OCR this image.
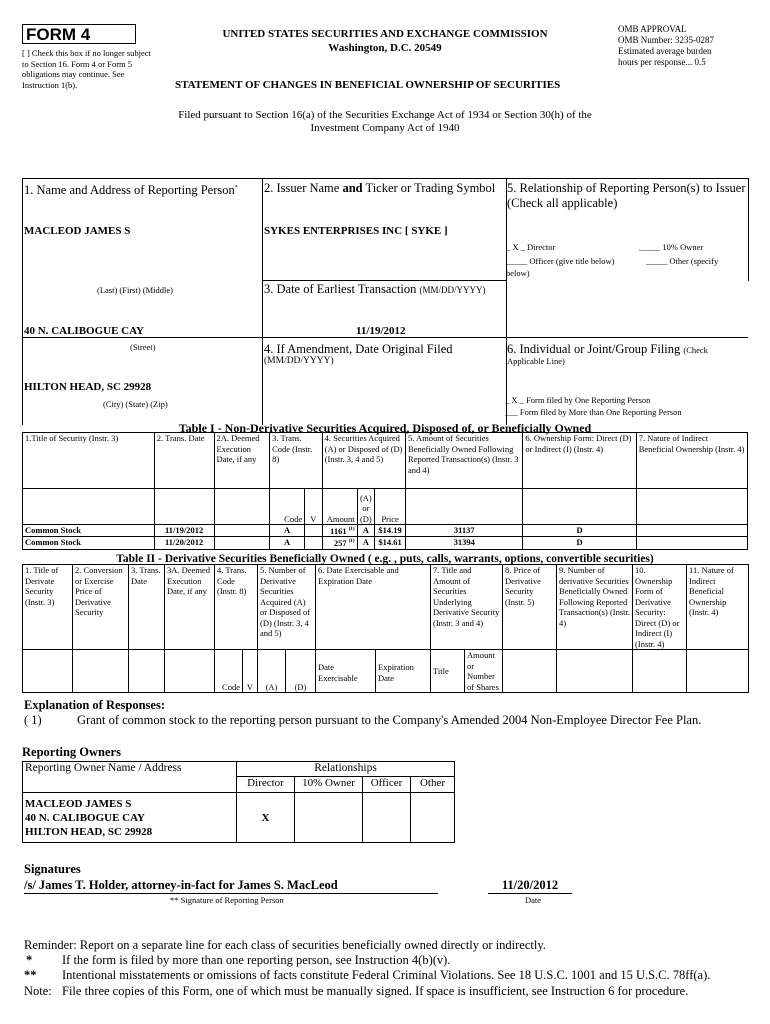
FORM 4
[ ] Check this box if no longer subject to Section 16. Form 4 or Form 5 obligations may continue. See Instruction 1(b).
UNITED STATES SECURITIES AND EXCHANGE COMMISSION
Washington, D.C. 20549
STATEMENT OF CHANGES IN BENEFICIAL OWNERSHIP OF SECURITIES
OMB APPROVAL
OMB Number: 3235-0287
Estimated average burden
hours per response... 0.5
Filed pursuant to Section 16(a) of the Securities Exchange Act of 1934 or Section 30(h) of the
Investment Company Act of 1940
1. Name and Address of Reporting Person*
MACLEOD JAMES S
(Last) (First) (Middle)
40 N. CALIBOGUE CAY
(Street)
HILTON HEAD, SC 29928
(City) (State) (Zip)
2. Issuer Name and Ticker or Trading Symbol
SYKES ENTERPRISES INC [ SYKE ]
3. Date of Earliest Transaction (MM/DD/YYYY)
11/19/2012
4. If Amendment, Date Original Filed
(MM/DD/YYYY)
5. Relationship of Reporting Person(s) to Issuer
(Check all applicable)
_ X _ Director	_____ 10% Owner
_____ Officer (give title below)	_____ Other (specify
below)
6. Individual or Joint/Group Filing (Check
Applicable Line)
_ X _ Form filed by One Reporting Person
___ Form filed by More than One Reporting Person
Table I - Non-Derivative Securities Acquired, Disposed of, or Beneficially Owned
1.Title of Security (Instr. 3)	2. Trans. Date	2A. Deemed Execution Date, if any	3. Trans. Code (Instr. 8)		4. Securities Acquired (A) or Disposed of (D) (Instr. 3, 4 and 5)			5. Amount of Securities Beneficially Owned Following Reported Transaction(s) (Instr. 3 and 4)	6. Ownership Form: Direct (D) or Indirect (I) (Instr. 4)	7. Nature of Indirect Beneficial Ownership (Instr. 4)
			Code	V	Amount	(A) or (D)	Price			
Common Stock	11/19/2012		A		1161 $^{(1)}$	A	$14.19	31137	D	
Common Stock	11/20/2012		A		257 $^{(1)}$	A	$14.61	31394	D	
Table II - Derivative Securities Beneficially Owned ( e.g. , puts, calls, warrants, options, convertible securities)
1. Title of Derivate Security (Instr. 3)	2. Conversion or Exercise Price of Derivative Security	3. Trans. Date	3A. Deemed Execution Date, if any	4. Trans. Code (Instr. 8)		5. Number of Derivative Securities Acquired (A) or Disposed of (D) (Instr. 3, 4 and 5)		6. Date Exercisable and Expiration Date		7. Title and Amount of Securities Underlying Derivative Security (Instr. 3 and 4)		8. Price of Derivative Security (Instr. 5)	9. Number of derivative Securities Beneficially Owned Following Reported Transaction(s) (Instr. 4)	10. Ownership Form of Derivative Security: Direct (D) or Indirect (I) (Instr. 4)	11. Nature of Indirect Beneficial Ownership (Instr. 4)
				Code	V	(A)	(D)	Date Exercisable	Expiration Date	Title	Amount or Number of Shares				
Explanation of Responses:
( 1)	Grant of common stock to the reporting person pursuant to the Company's Amended 2004 Non-Employee Director Fee Plan.
Reporting Owners
Reporting Owner Name / Address	Relationships			
	Director	10% Owner	Officer	Other

MACLEOD JAMES S
40 N. CALIBOGUE CAY
HILTON HEAD, SC 29928	X			
Signatures
/s/ James T. Holder, attorney-in-fact for James S. MacLeod	11/20/2012
** Signature of Reporting Person	Date
Reminder: Report on a separate line for each class of securities beneficially owned directly or indirectly.
* If the form is filed by more than one reporting person, see Instruction 4(b)(v).
** Intentional misstatements or omissions of facts constitute Federal Criminal Violations. See 18 U.S.C. 1001 and 15 U.S.C. 78ff(a).
Note: File three copies of this Form, one of which must be manually signed. If space is insufficient, see Instruction 6 for procedure.
